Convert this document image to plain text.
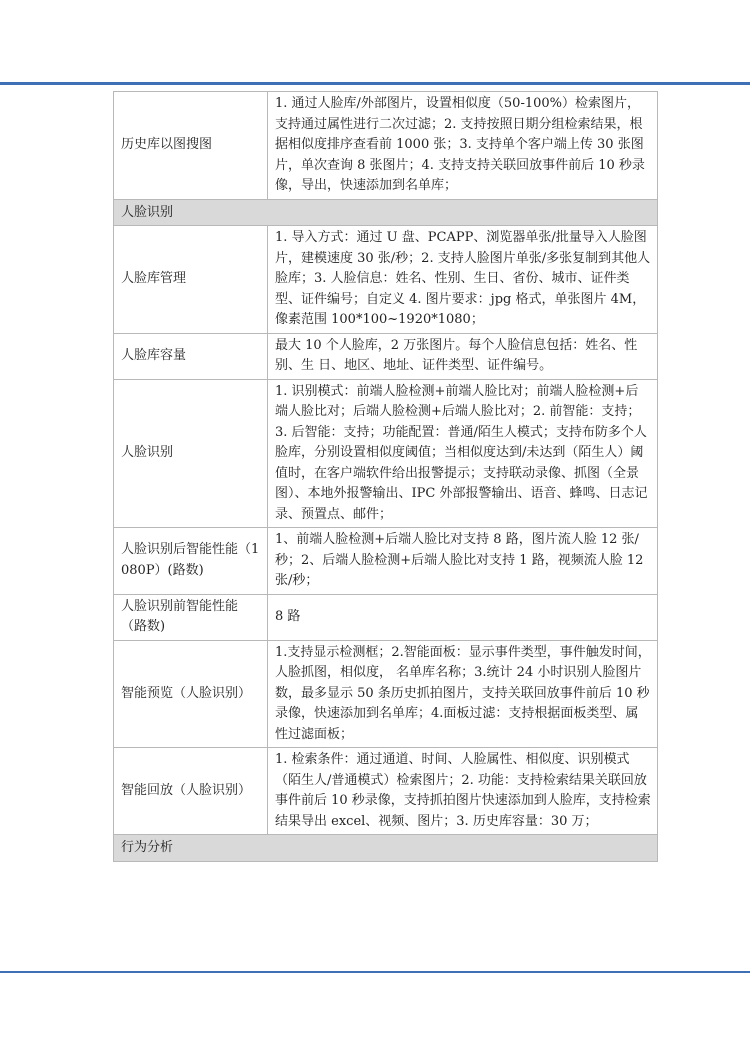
历史库以图搜图	1. 通过人脸库/外部图片，设置相似度（50-100%）检索图片，支持通过属性进行二次过滤；2. 支持按照日期分组检索结果，根据相似度排序查看前 1000 张；3. 支持单个客户端上传 30 张图片，单次查询 8 张图片；4. 支持支持关联回放事件前后 10 秒录像，导出，快速添加到名单库；
人脸识别	
人脸库管理	1. 导入方式：通过 U 盘、PCAPP、浏览器单张/批量导入人脸图片，建模速度 30 张/秒；2. 支持人脸图片单张/多张复制到其他人脸库；3. 人脸信息：姓名、性别、生日、省份、城市、证件类型、证件编号；自定义 4. 图片要求：jpg 格式，单张图片 4M，像素范围 100*100~1920*1080；
人脸库容量	最大 10 个人脸库，2 万张图片。每个人脸信息包括：姓名、性别、生 日、地区、地址、证件类型、证件编号。
人脸识别	1. 识别模式：前端人脸检测+前端人脸比对；前端人脸检测+后端人脸比对；后端人脸检测+后端人脸比对；2. 前智能：支持；3. 后智能：支持；功能配置：普通/陌生人模式；支持布防多个人脸库，分别设置相似度阈值；当相似度达到/未达到（陌生人）阈值时，在客户端软件给出报警提示；支持联动录像、抓图（全景图）、本地外报警输出、IPC 外部报警输出、语音、蜂鸣、日志记录、预置点、邮件；
人脸识别后智能性能（1080P）(路数)	1、前端人脸检测+后端人脸比对支持 8 路，图片流人脸 12 张/秒；2、后端人脸检测+后端人脸比对支持 1 路，视频流人脸 12 张/秒；
人脸识别前智能性能（路数)	8 路
智能预览（人脸识别）	1.支持显示检测框；2.智能面板：显示事件类型，事件触发时间，人脸抓图，相似度， 名单库名称；3.统计 24 小时识别人脸图片数，最多显示 50 条历史抓拍图片，支持关联回放事件前后 10 秒录像，快速添加到名单库；4.面板过滤：支持根据面板类型、属性过滤面板；
智能回放（人脸识别）	1. 检索条件：通过通道、时间、人脸属性、相似度、识别模式（陌生人/普通模式）检索图片；2. 功能：支持检索结果关联回放事件前后 10 秒录像，支持抓拍图片快速添加到人脸库，支持检索结果导出 excel、视频、图片；3. 历史库容量：30 万；
行为分析	
